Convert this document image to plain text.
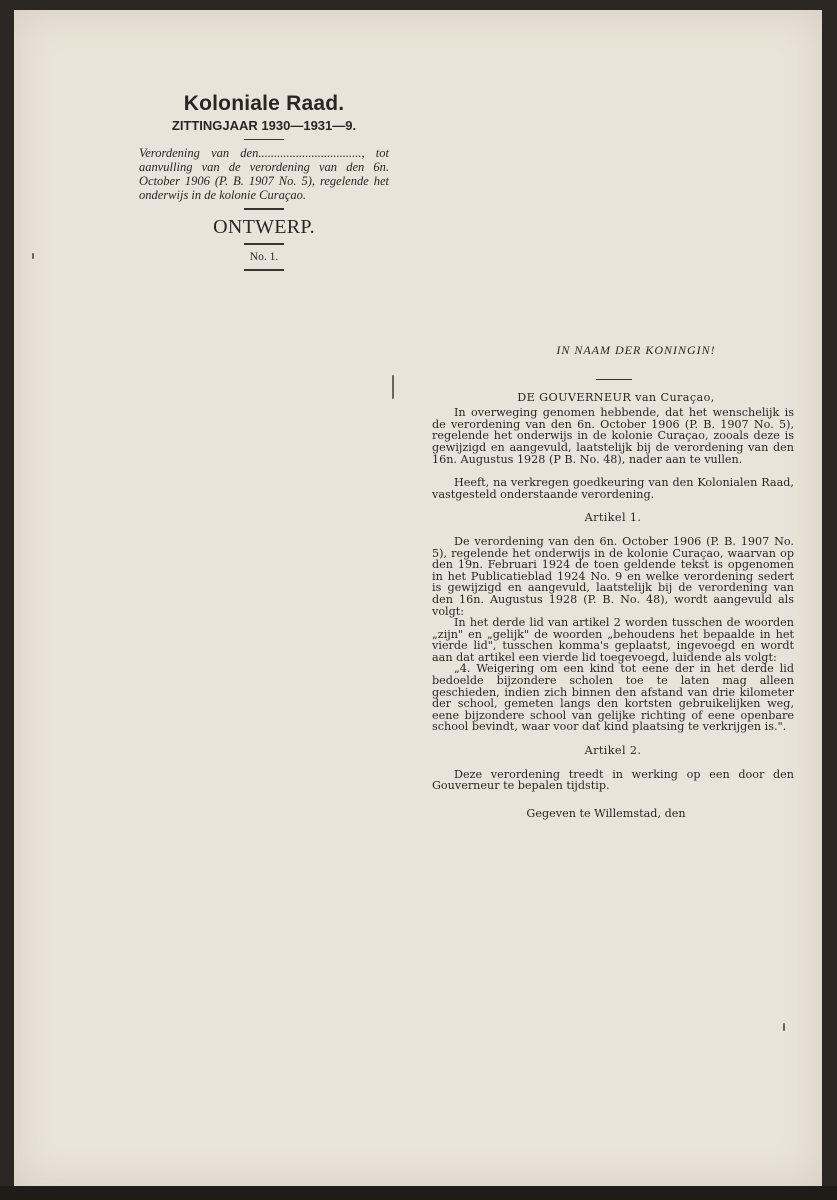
Koloniale Raad.
ZITTINGJAAR 1930—1931—9.
Verordening van den................................., tot aanvulling van de verordening van den 6n. October 1906 (P. B. 1907 No. 5), regelende het onderwijs in de kolonie Curaçao.
ONTWERP.
No. 1.
IN NAAM DER KONINGIN!
DE GOUVERNEUR van Curaçao,
In overweging genomen hebbende, dat het wenschelijk is de verordening van den 6n. October 1906 (P. B. 1907 No. 5), regelende het onderwijs in de kolonie Curaçao, zooals deze is gewijzigd en aangevuld, laatstelijk bij de verordening van den 16n. Augustus 1928 (P B. No. 48), nader aan te vullen.
Heeft, na verkregen goedkeuring van den Kolonialen Raad, vastgesteld onderstaande verordening.
Artikel 1.
De verordening van den 6n. October 1906 (P. B. 1907 No. 5), regelende het onderwijs in de kolonie Curaçao, waarvan op den 19n. Februari 1924 de toen geldende tekst is opgenomen in het Publicatieblad 1924 No. 9 en welke verordening sedert is gewijzigd en aangevuld, laatstelijk bij de verordening van den 16n. Augustus 1928 (P. B. No. 48), wordt aangevuld als volgt:
In het derde lid van artikel 2 worden tusschen de woorden „zijn" en „gelijk" de woorden „behoudens het bepaalde in het vierde lid", tusschen komma's geplaatst, ingevoegd en wordt aan dat artikel een vierde lid toegevoegd, luidende als volgt:
„4. Weigering om een kind tot eene der in het derde lid bedoelde bijzondere scholen toe te laten mag alleen geschieden, indien zich binnen den afstand van drie kilometer der school, gemeten langs den kortsten gebruikelijken weg, eene bijzondere school van gelijke richting of eene openbare school bevindt, waar voor dat kind plaatsing te verkrijgen is.".
Artikel 2.
Deze verordening treedt in werking op een door den Gouverneur te bepalen tijdstip.
Gegeven te Willemstad, den
